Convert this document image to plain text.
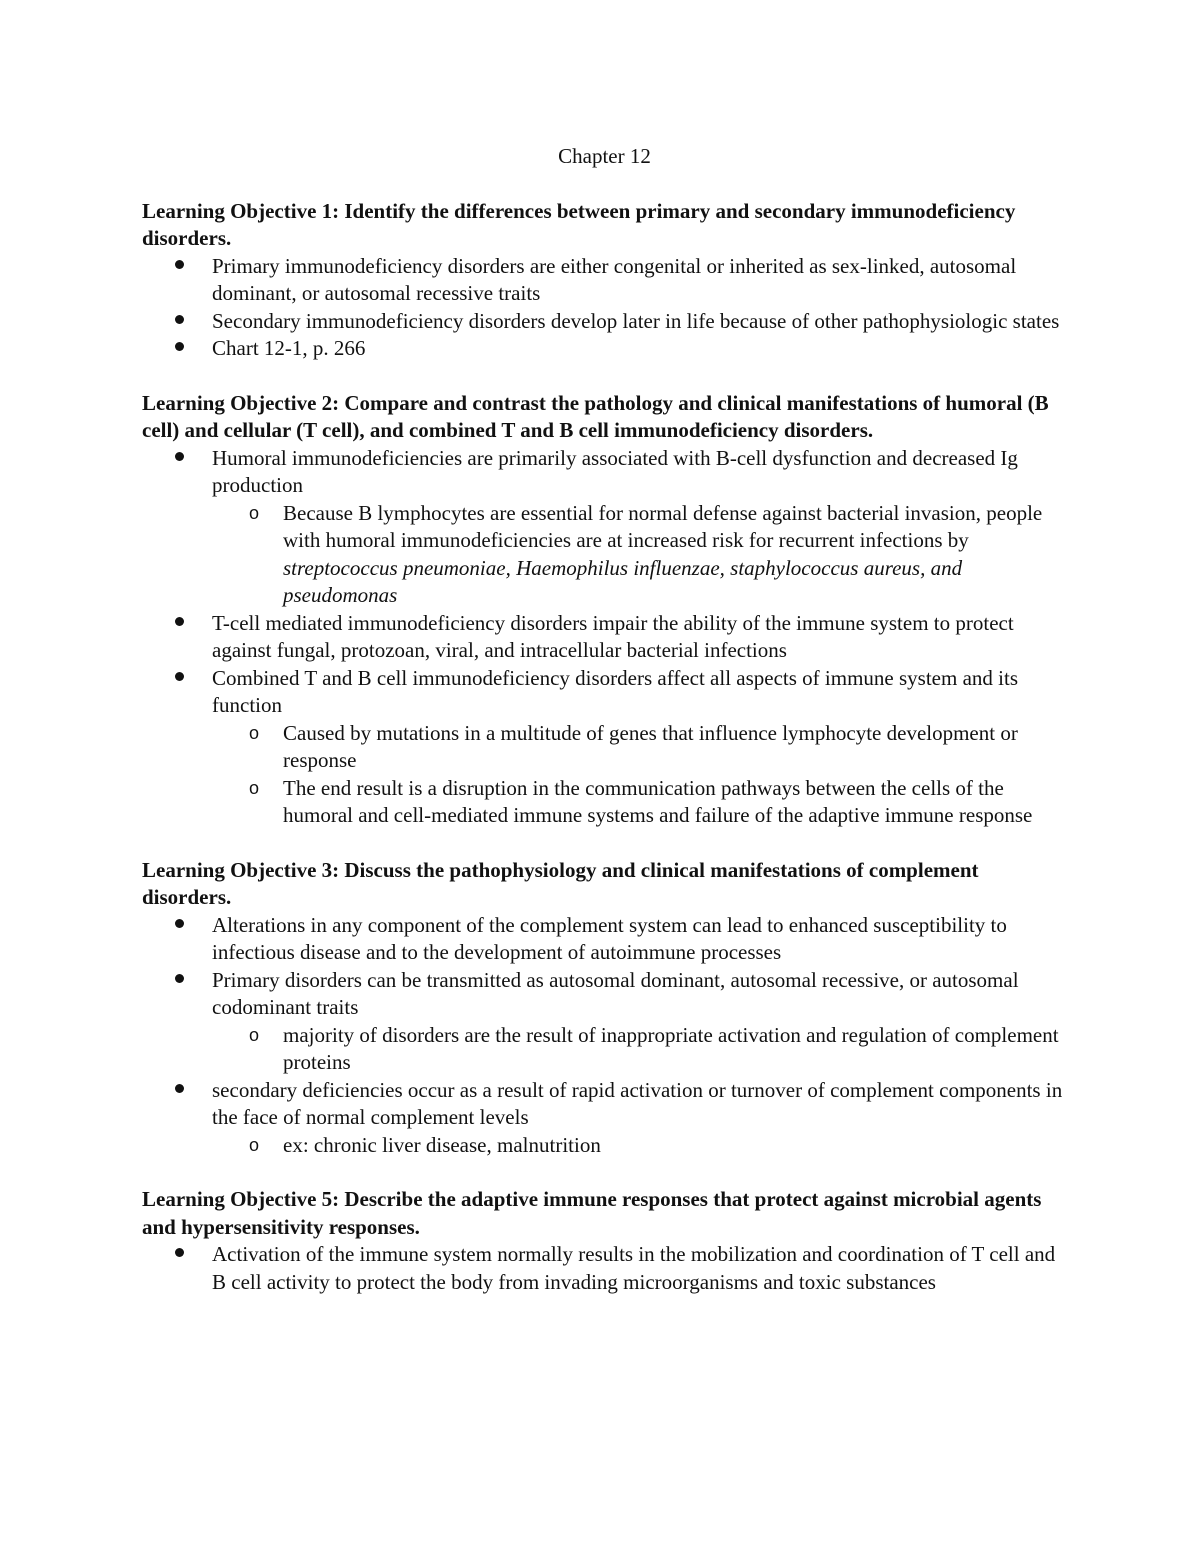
Chapter 12

Learning Objective 1: Identify the differences between primary and secondary immunodeficiency disorders.

Primary immunodeficiency disorders are either congenital or inherited as sex-linked, autosomal dominant, or autosomal recessive traits
Secondary immunodeficiency disorders develop later in life because of other pathophysiologic states
Chart 12-1, p. 266

Learning Objective 2: Compare and contrast the pathology and clinical manifestations of humoral (B cell) and cellular (T cell), and combined T and B cell immunodeficiency disorders.

Humoral immunodeficiencies are primarily associated with B-cell dysfunction and decreased Ig production
o Because B lymphocytes are essential for normal defense against bacterial invasion, people with humoral immunodeficiencies are at increased risk for recurrent infections by streptococcus pneumoniae, Haemophilus influenzae, staphylococcus aureus, and pseudomonas
T-cell mediated immunodeficiency disorders impair the ability of the immune system to protect against fungal, protozoan, viral, and intracellular bacterial infections
Combined T and B cell immunodeficiency disorders affect all aspects of immune system and its function
o Caused by mutations in a multitude of genes that influence lymphocyte development or response
o The end result is a disruption in the communication pathways between the cells of the humoral and cell-mediated immune systems and failure of the adaptive immune response

Learning Objective 3: Discuss the pathophysiology and clinical manifestations of complement disorders.

Alterations in any component of the complement system can lead to enhanced susceptibility to infectious disease and to the development of autoimmune processes
Primary disorders can be transmitted as autosomal dominant, autosomal recessive, or autosomal codominant traits
o majority of disorders are the result of inappropriate activation and regulation of complement proteins
secondary deficiencies occur as a result of rapid activation or turnover of complement components in the face of normal complement levels
o ex: chronic liver disease, malnutrition

Learning Objective 5: Describe the adaptive immune responses that protect against microbial agents and hypersensitivity responses.

Activation of the immune system normally results in the mobilization and coordination of T cell and B cell activity to protect the body from invading microorganisms and toxic substances
